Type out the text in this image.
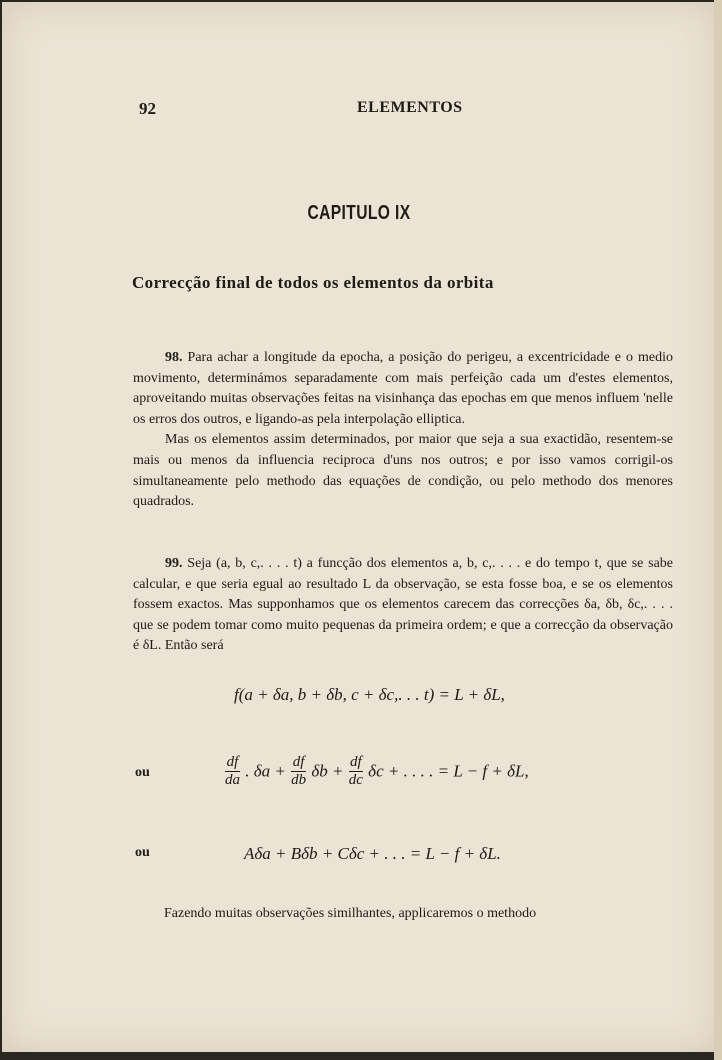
92	ELEMENTOS
CAPITULO IX
Correcção final de todos os elementos da orbita

98. Para achar a longitude da epocha, a posição do perigeu, a excentricidade e o medio movimento, determinámos separadamente com mais perfeição cada um d'estes elementos, aproveitando muitas observações feitas na visinhança das epochas em que menos influem 'nelle os erros dos outros, e ligando-as pela interpolação elliptica.

Mas os elementos assim determinados, por maior que seja a sua exactidão, resentem-se mais ou menos da influencia reciproca d'uns nos outros; e por isso vamos corrigil-os simultaneamente pelo methodo das equações de condição, ou pelo methodo dos menores quadrados.

99. Seja (a, b, c,. . . . t) a funcção dos elementos a, b, c,. . . . e do tempo t, que se sabe calcular, e que seria egual ao resultado L da observação, se esta fosse boa, e se os elementos fossem exactos. Mas supponhamos que os elementos carecem das correcções δa, δb, δc,. . . . que se podem tomar como muito pequenas da primeira ordem; e que a correcção da observação é δL. Então será

f(a + δa, b + δb, c + δc,. . . t) = L + δL,
ou	$\frac{df}{da}$ . $\delta a + \frac{df}{db}$ $\delta b + \frac{df}{dc}$ δc + . . . . = L − f + δL,
ou	Aδa + Bδb + Cδc + . . . = L − f + δL.
Fazendo muitas observações similhantes, applicaremos o methodo
